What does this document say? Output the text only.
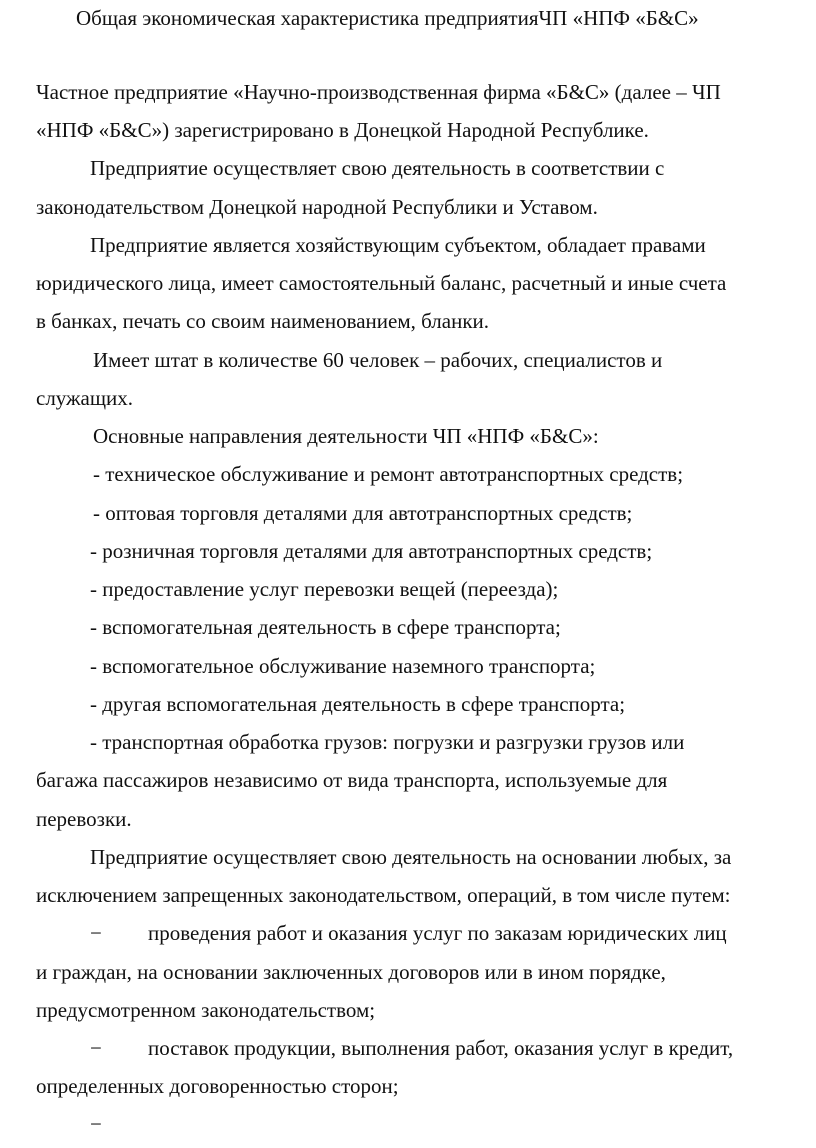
Общая экономическая характеристика предприятияЧП «НПФ «Б&С»
Частное предприятие «Научно-производственная фирма «Б&С» (далее – ЧП
«НПФ «Б&С») зарегистрировано в Донецкой Народной Республике.
Предприятие осуществляет свою деятельность в соответствии с
законодательством Донецкой народной Республики и Уставом.
Предприятие является хозяйствующим субъектом, обладает правами
юридического лица, имеет самостоятельный баланс, расчетный и иные счета
в банках, печать со своим наименованием, бланки.
Имеет штат в количестве 60 человек – рабочих, специалистов и
служащих.
Основные направления деятельности ЧП «НПФ «Б&С»:
- техническое обслуживание и ремонт автотранспортных средств;
- оптовая торговля деталями для автотранспортных средств;
- розничная торговля деталями для автотранспортных средств;
- предоставление услуг перевозки вещей (переезда);
- вспомогательная деятельность в сфере транспорта;
- вспомогательное обслуживание наземного транспорта;
- другая вспомогательная деятельность в сфере транспорта;
- транспортная обработка грузов: погрузки и разгрузки грузов или
багажа пассажиров независимо от вида транспорта, используемые для
перевозки.
Предприятие осуществляет свою деятельность на основании любых, за
исключением запрещенных законодательством, операций, в том числе путем:
− проведения работ и оказания услуг по заказам юридических лиц
и граждан, на основании заключенных договоров или в ином порядке,
предусмотренном законодательством;
− поставок продукции, выполнения работ, оказания услуг в кредит,
определенных договоренностью сторон;
−
